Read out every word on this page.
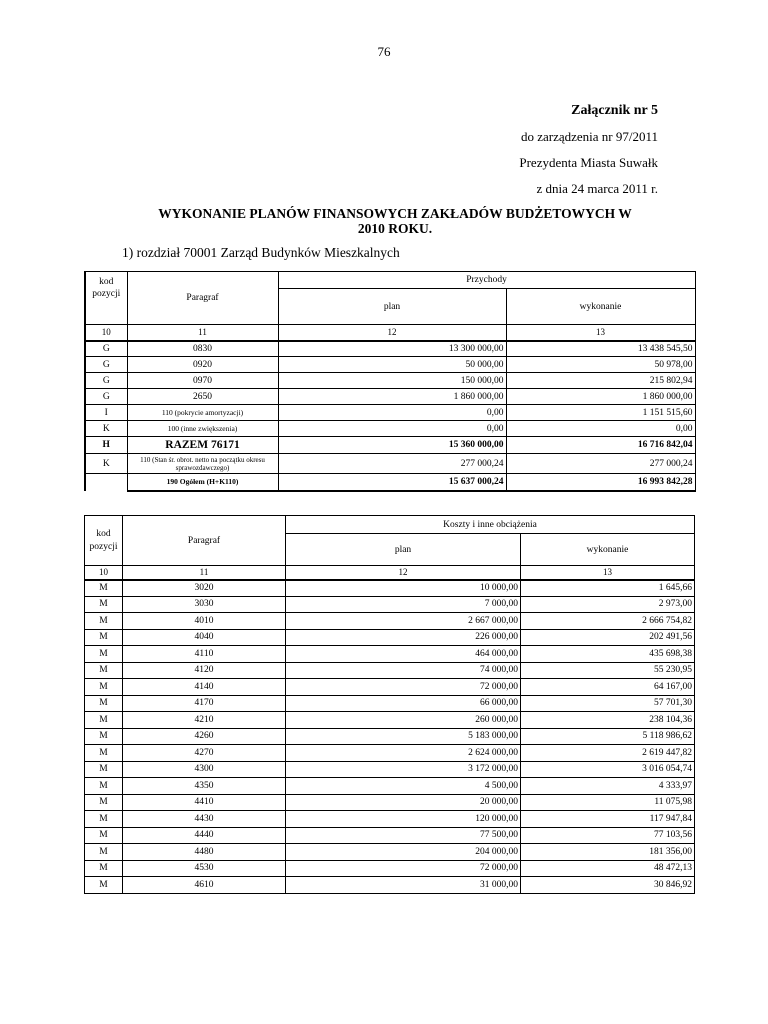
76
Załącznik nr 5
do zarządzenia nr 97/2011
Prezydenta Miasta Suwałk
z dnia 24 marca 2011 r.
WYKONANIE PLANÓW FINANSOWYCH ZAKŁADÓW BUDŻETOWYCH W
2010 ROKU.
1) rozdział 70001 Zarząd Budynków Mieszkalnych
kod pozycji	Paragraf	Przychody	
		plan	wykonanie
10	11	12	13
G	0830	13 300 000,00	13 438 545,50
G	0920	50 000,00	50 978,00
G	0970	150 000,00	215 802,94
G	2650	1 860 000,00	1 860 000,00
I	110 (pokrycie amortyzacji)	0,00	1 151 515,60
K	100 (inne zwiększenia)	0,00	0,00
H	RAZEM 76171	15 360 000,00	16 716 842,04
K	110 (Stan śr. obrot. netto na początku okresu sprawozdawczego)	277 000,24	277 000,24
	190 Ogółem (H+K110)	15 637 000,24	16 993 842,28
kod pozycji	Paragraf	Koszty i inne obciążenia	
		plan	wykonanie
10	11	12	13
M	3020	10 000,00	1 645,66
M	3030	7 000,00	2 973,00
M	4010	2 667 000,00	2 666 754,82
M	4040	226 000,00	202 491,56
M	4110	464 000,00	435 698,38
M	4120	74 000,00	55 230,95
M	4140	72 000,00	64 167,00
M	4170	66 000,00	57 701,30
M	4210	260 000,00	238 104,36
M	4260	5 183 000,00	5 118 986,62
M	4270	2 624 000,00	2 619 447,82
M	4300	3 172 000,00	3 016 054,74
M	4350	4 500,00	4 333,97
M	4410	20 000,00	11 075,98
M	4430	120 000,00	117 947,84
M	4440	77 500,00	77 103,56
M	4480	204 000,00	181 356,00
M	4530	72 000,00	48 472,13
M	4610	31 000,00	30 846,92
